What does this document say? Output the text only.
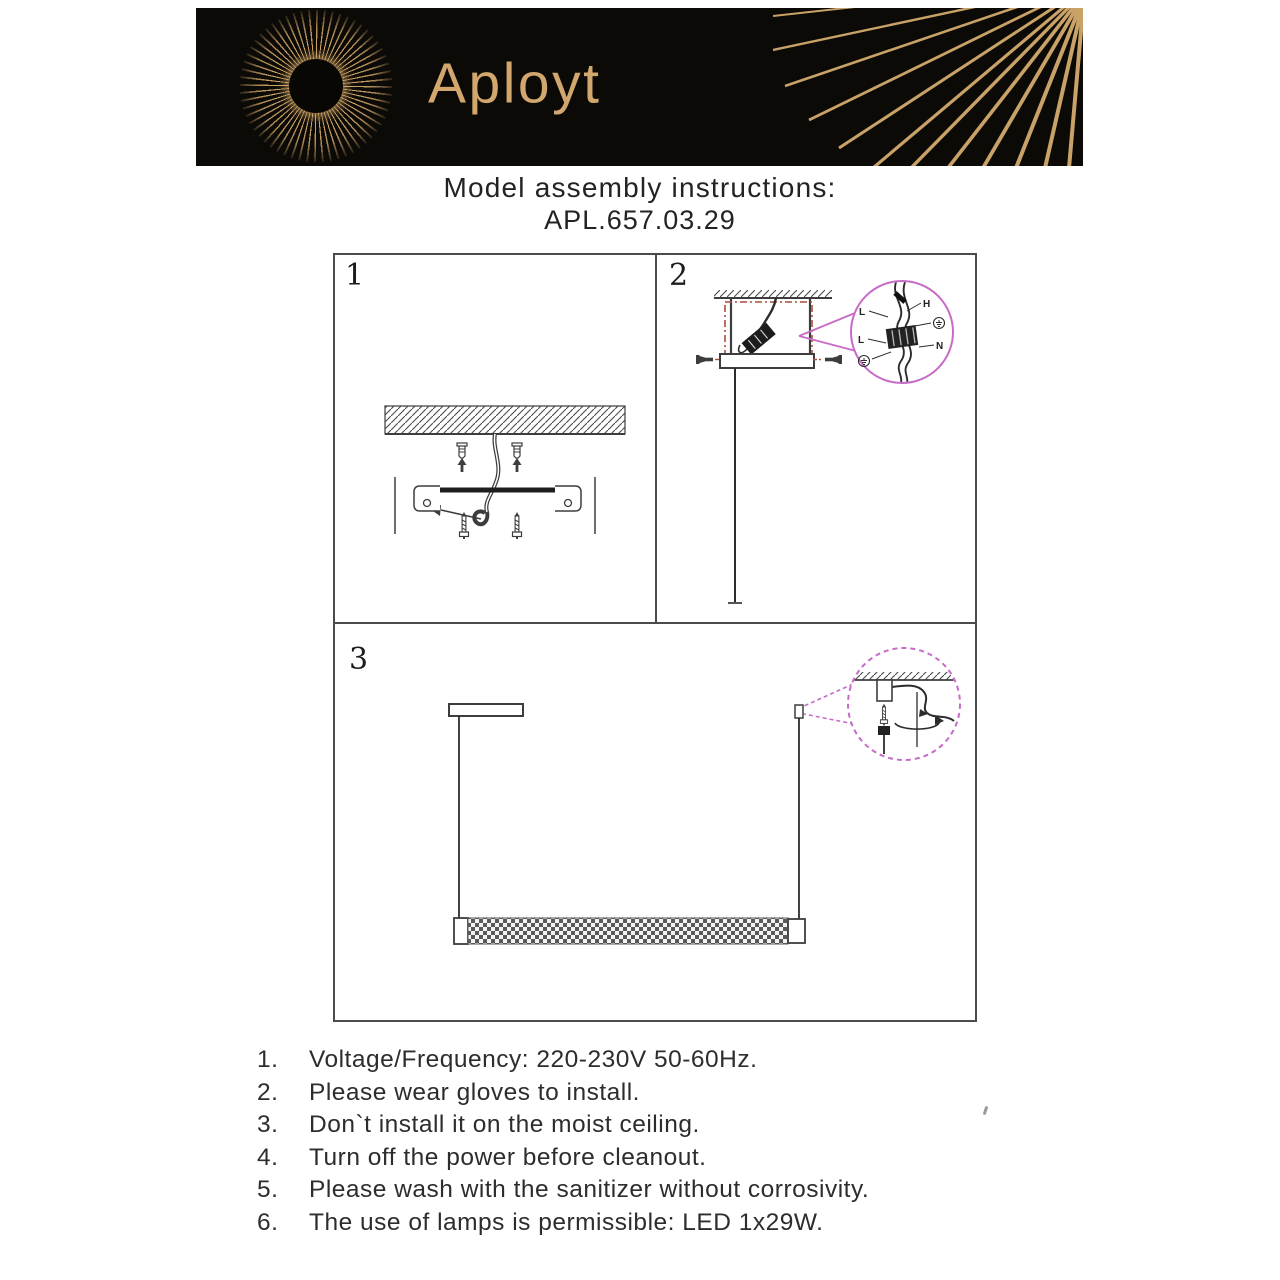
Aployt
Model assembly instructions:
APL.657.03.29
1	2
3
L
H
L
N
1.	Voltage/Frequency: 220-230V 50-60Hz.
2.	Please wear gloves to install.
3.	Don`t install it on the moist ceiling.
4.	Turn off the power before cleanout.
5.	Please wash with the sanitizer without corrosivity.
6.	The use of lamps is permissible: LED 1x29W.
